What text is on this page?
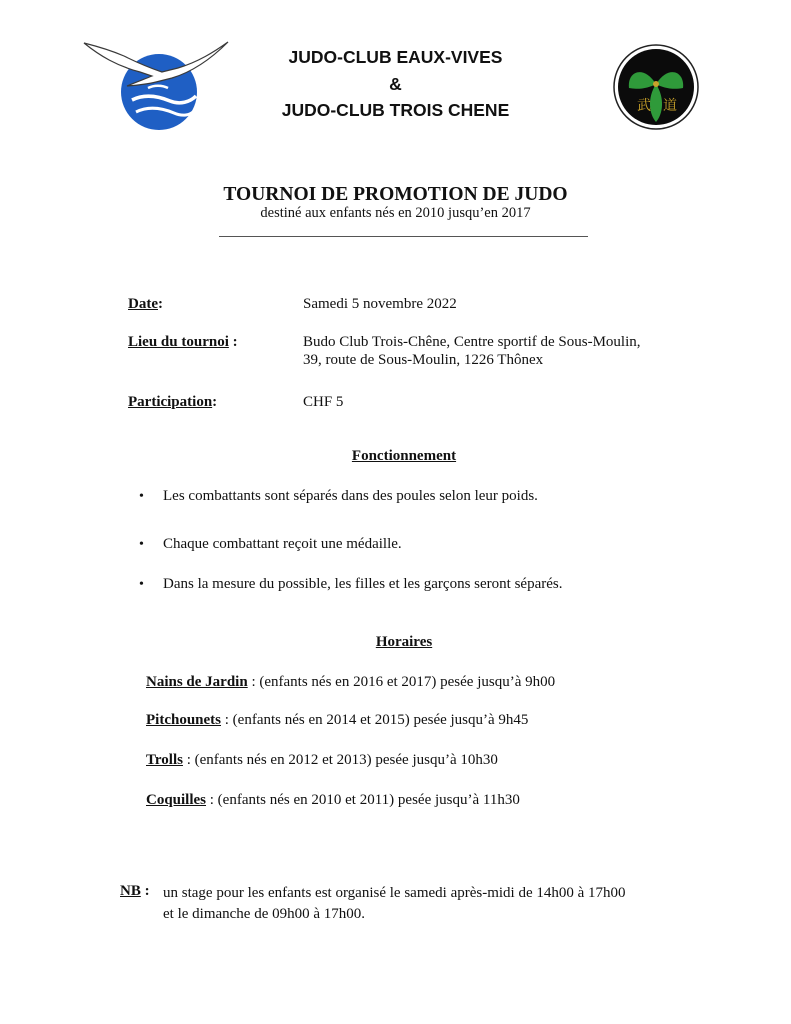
JUDO-CLUB EAUX-VIVES
&
JUDO-CLUB TROIS CHENE	武 道
TOURNOI DE PROMOTION DE JUDO
destiné aux enfants nés en 2010 jusqu’en 2017
Date:	Samedi 5 novembre 2022
Lieu du tournoi :	Budo Club Trois-Chêne, Centre sportif de Sous-Moulin,
39, route de Sous-Moulin, 1226 Thônex
Participation:	CHF 5
Fonctionnement
• Les combattants sont séparés dans des poules selon leur poids.
• Chaque combattant reçoit une médaille.
• Dans la mesure du possible, les filles et les garçons seront séparés.
Horaires
Nains de Jardin : (enfants nés en 2016 et 2017) pesée jusqu’à 9h00
Pitchounets : (enfants nés en 2014 et 2015) pesée jusqu’à 9h45
Trolls : (enfants nés en 2012 et 2013) pesée jusqu’à 10h30
Coquilles : (enfants nés en 2010 et 2011) pesée jusqu’à 11h30
NB : un stage pour les enfants est organisé le samedi après-midi de 14h00 à 17h00
et le dimanche de 09h00 à 17h00.
